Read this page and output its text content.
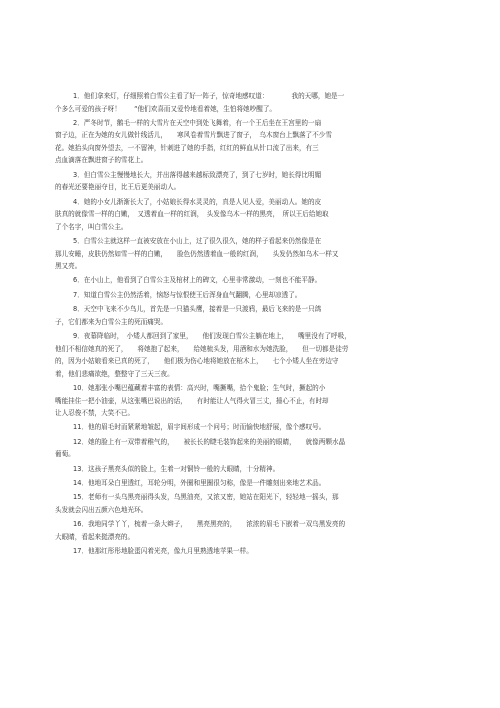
1．他们拿来灯，仔细照着白雪公主看了好一阵子，惊奇地感叹道：　　　　我的天哪，她是一
个多么可爱的孩子呀！　　“他们欢喜而又爱怜地看着她，生怕将她吵醒了。
2．严冬时节，鹅毛一样的大雪片在天空中到处飞舞着，有一个王后坐在王宫里的一扇
窗子边，正在为她的女儿做针线活儿，　　寒风卷着雪片飘进了窗子，　乌木窗台上飘落了不少雪
花。她抬头向窗外望去，一不留神，针刺进了她的手指，红红的鲜血从针口流了出来，有三
点血滴落在飘进窗子的雪花上。
3．但白雪公主慢慢地长大，并出落得越来越标致漂亮了，到了七岁时，她长得比明媚
的春光还要艳丽夺目，比王后更美丽动人。
4．她的小女儿渐渐长大了，小姑娘长得水灵灵的，真是人见人爱，美丽动人。她的皮
肤真的就像雪一样的白嫩，　又透着血一样的红润，　头发像乌木一样的黑亮，　所以王后给她取
了个名字，叫白雪公主。
5．白雪公主就这样一直被安放在小山上，过了很久很久，她的样子看起来仍然像是在
那儿安睡，皮肤仍然如雪一样的白嫩，　　脸色仍然透着血一般的红润，　　头发仍然如乌木一样又
黑又亮。
6．在小山上，他看到了白雪公主及棺材上的碑文，心里非常激动，一刻也不能平静。
7．知道白雪公主仍然活着，恼怒与惊恨使王后浑身血气翻腾，心里却凉透了。
8．天空中飞来不少鸟儿，首先是一只猫头鹰，接着是一只渡鸦，最后飞来的是一只鸽
子，它们都来为白雪公主的死而痛哭。
9．夜幕降临时，　小矮人都回到了家里，　　他们发现白雪公主躺在地上，　　嘴里没有了呼吸，
他们不相信她真的死了，　　将她抱了起来，　　给她梳头发，用酒和水为她洗脸，　　但一切都是徒劳
的，因为小姑娘看来已真的死了，　　他们极为伤心地将她放在棺木上，　　七个小矮人坐在旁边守
着，他们悲痛欲绝，整整守了三天三夜。
10．她那张小嘴巴蕴藏着丰富的表情：高兴时，嘴撅嘴，拾个鬼脸；生气时，撅起的小
嘴能挂住一把小油壶，从这张嘴巴说出的话，　　有时能让人气得火冒三丈，捶心不止，有时却
让人忍俊不禁，大笑不已。
11．他的眉毛时而紧紧地皱起，眉宇间形成一个问号；时而愉快地舒展，像个感叹号。
12．她的脸上有一双带着稚气的，　　被长长的睫毛装饰起来的美丽的眼睛，　　就像两颗水晶
葡萄。
13．这孩子黑亮头似的脸上，生着一对铜铃一般的大眼睛，十分精神。
14．他地耳朵白里透红，耳轮分明，外圈和里圈很匀称，像是一件雕刻出来地艺术品。
15．老师有一头乌黑亮丽得头发，乌黑油亮，又浓又密，她站在阳光下，轻轻地一摇头，那
头发就会闪出五颜六色地光环。
16．我地同学丫丫，梳着一条大辫子，　　黑亮黑亮的，　　浓浓的眉毛下嵌着一双乌黑发亮的
大眼睛，看起来挺漂亮的。
17．他那红彤彤地脸蛋闪着光亮，像九月里熟透地苹果一样。
